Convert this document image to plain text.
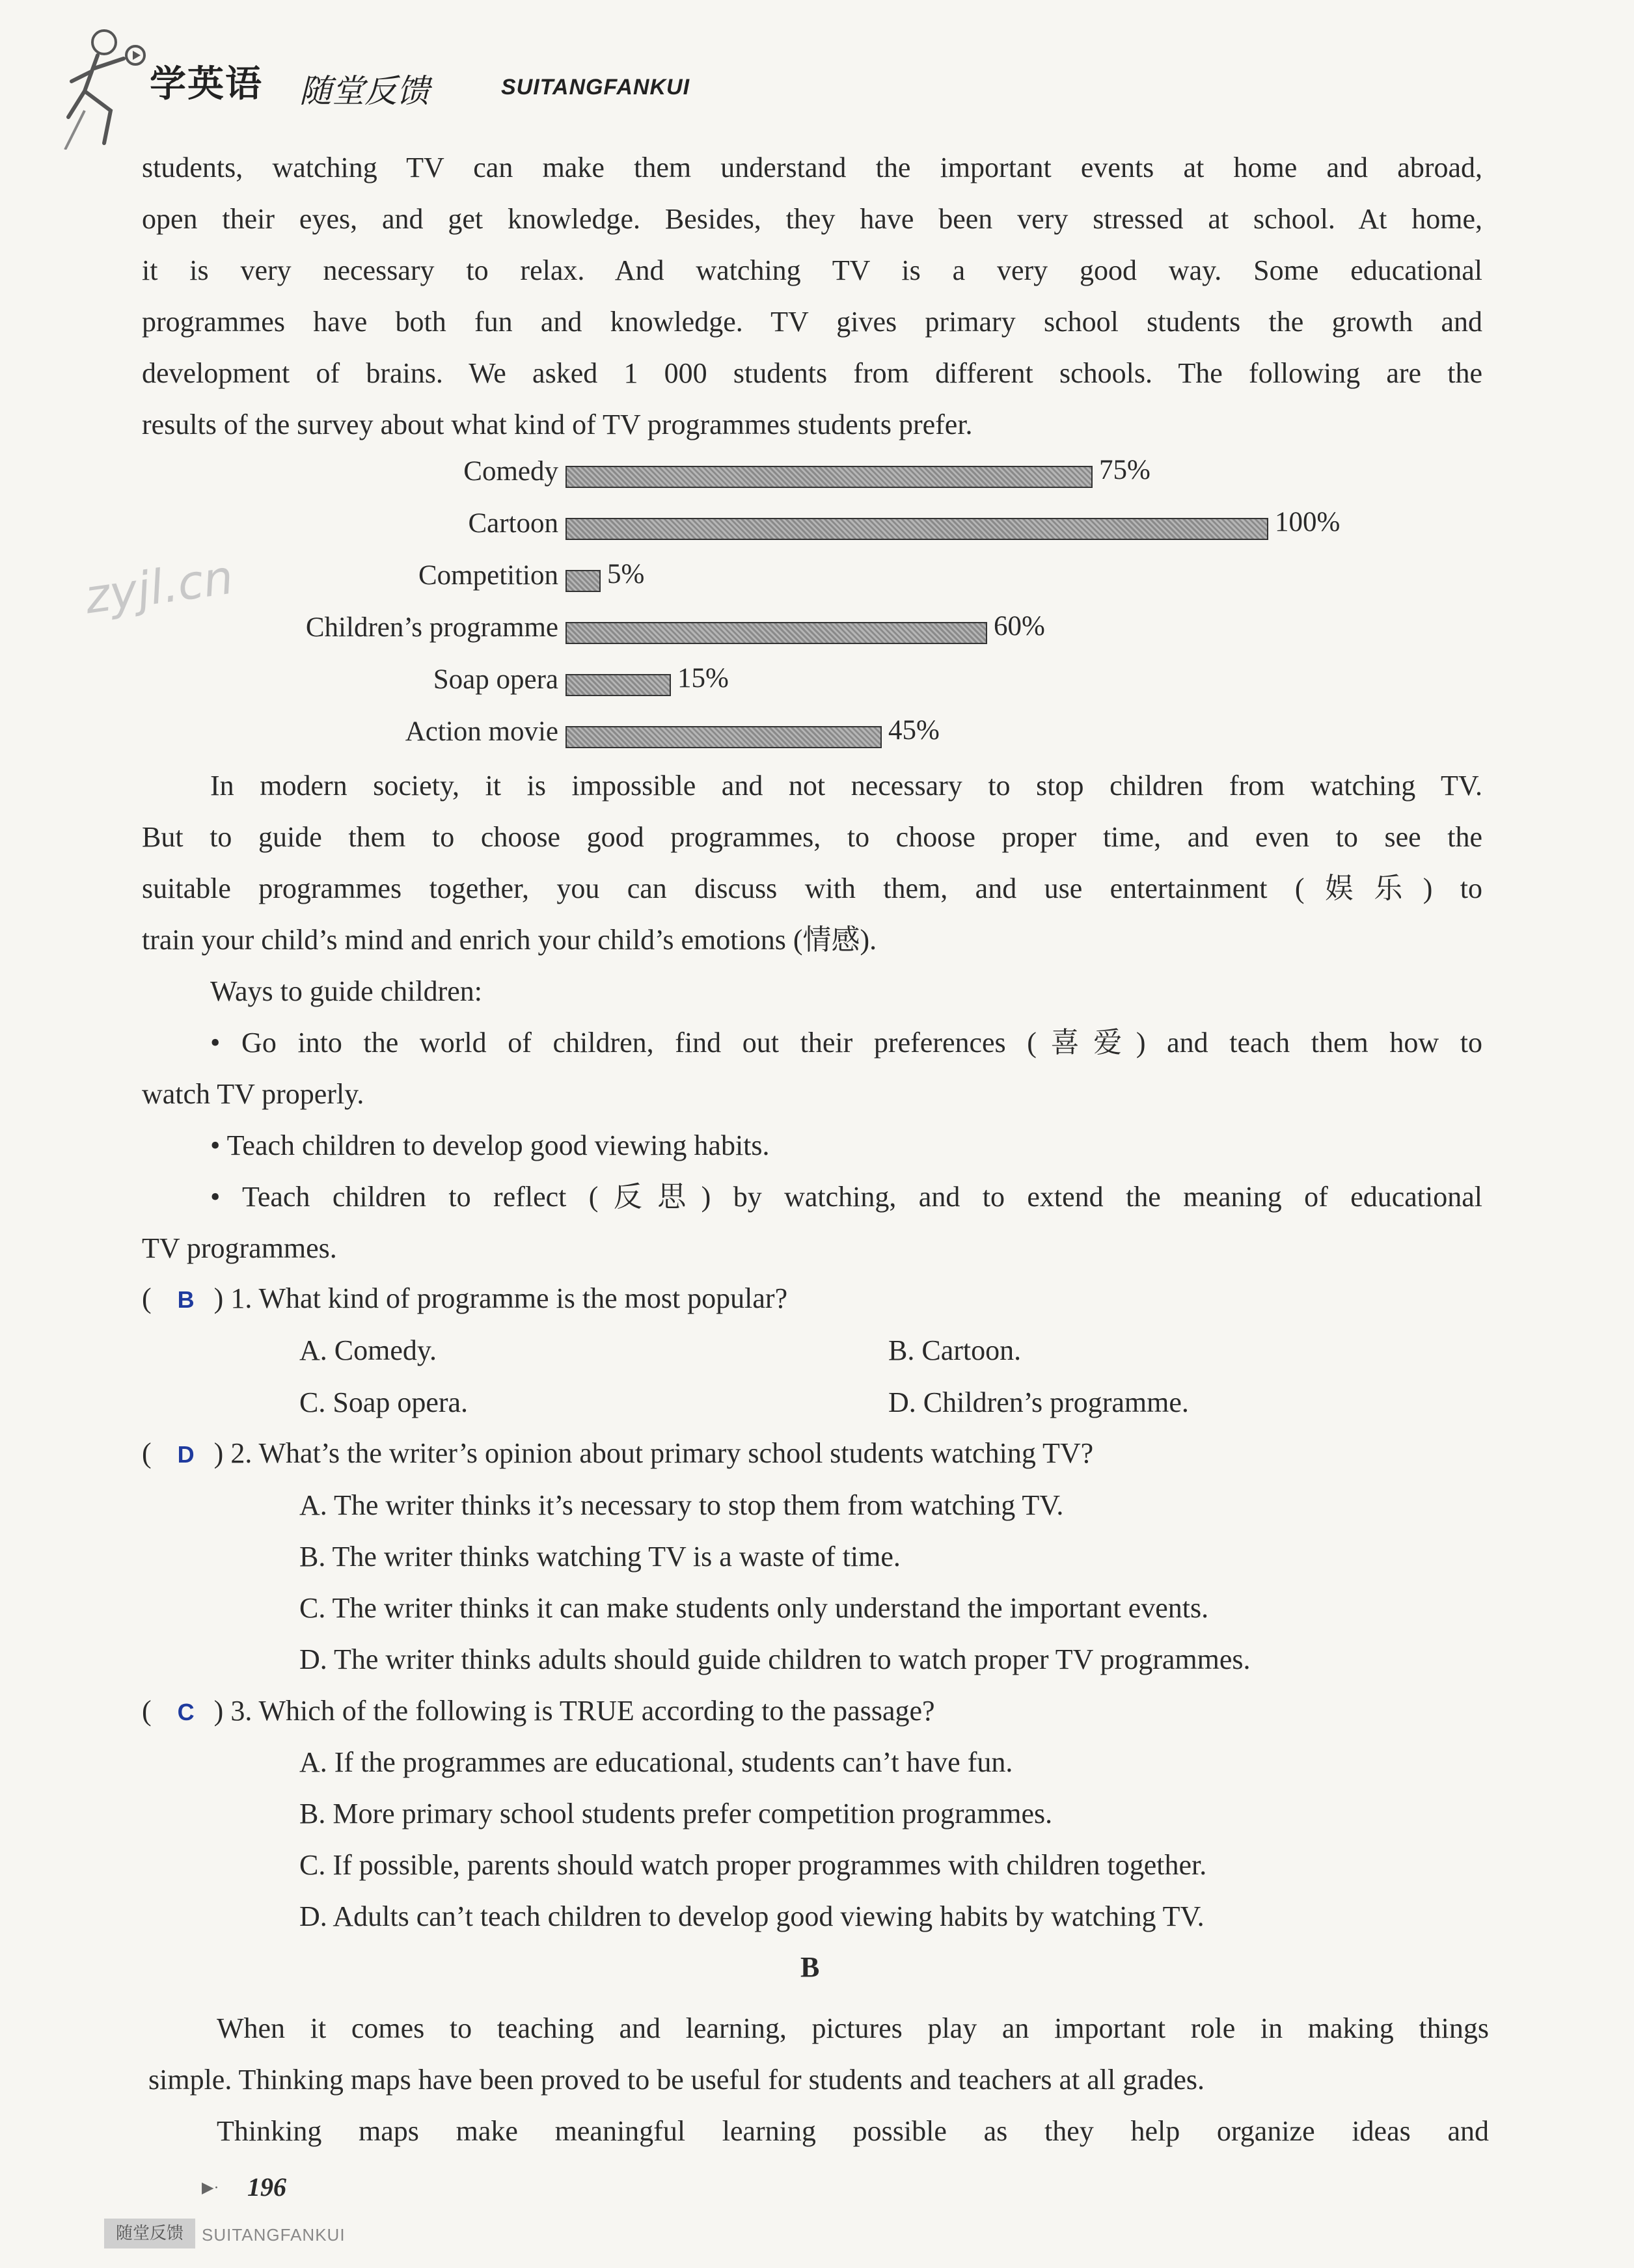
学英语 随堂反馈	SUITANGFANKUI
zyjl.cn
students, watching TV can make them understand the important events at home and abroad,
open their eyes, and get knowledge. Besides, they have been very stressed at school. At home,
it is very necessary to relax. And watching TV is a very good way. Some educational
programmes have both fun and knowledge. TV gives primary school students the growth and
development of brains. We asked 1 000 students from different schools. The following are the
results of the survey about what kind of TV programmes students prefer.
Comedy	75%
Cartoon	100%
Competition 5%
Children’s programme	60%
Soap opera	15%
Action movie	45%
In modern society, it is impossible and not necessary to stop children from watching TV.
But to guide them to choose good programmes, to choose proper time, and even to see the
suitable programmes together, you can discuss with them, and use entertainment (娱乐) to
train your child’s mind and enrich your child’s emotions (情感).
Ways to guide children:
• Go into the world of children, find out their preferences (喜爱) and teach them how to
watch TV properly.
• Teach children to develop good viewing habits.
• Teach children to reflect (反思) by watching, and to extend the meaning of educational
TV programmes.
( B ) 1. What kind of programme is the most popular?
A. Comedy.	B. Cartoon.
C. Soap opera.	D. Children’s programme.
( D ) 2. What’s the writer’s opinion about primary school students watching TV?
A. The writer thinks it’s necessary to stop them from watching TV.
B. The writer thinks watching TV is a waste of time.
C. The writer thinks it can make students only understand the important events.
D. The writer thinks adults should guide children to watch proper TV programmes.
( C ) 3. Which of the following is TRUE according to the passage?
A. If the programmes are educational, students can’t have fun.
B. More primary school students prefer competition programmes.
C. If possible, parents should watch proper programmes with children together.
D. Adults can’t teach children to develop good viewing habits by watching TV.
B
When it comes to teaching and learning, pictures play an important role in making things
simple. Thinking maps have been proved to be useful for students and teachers at all grades.
Thinking maps make meaningful learning possible as they help organize ideas and
▶· 196
随堂反馈	SUITANGFANKUI
